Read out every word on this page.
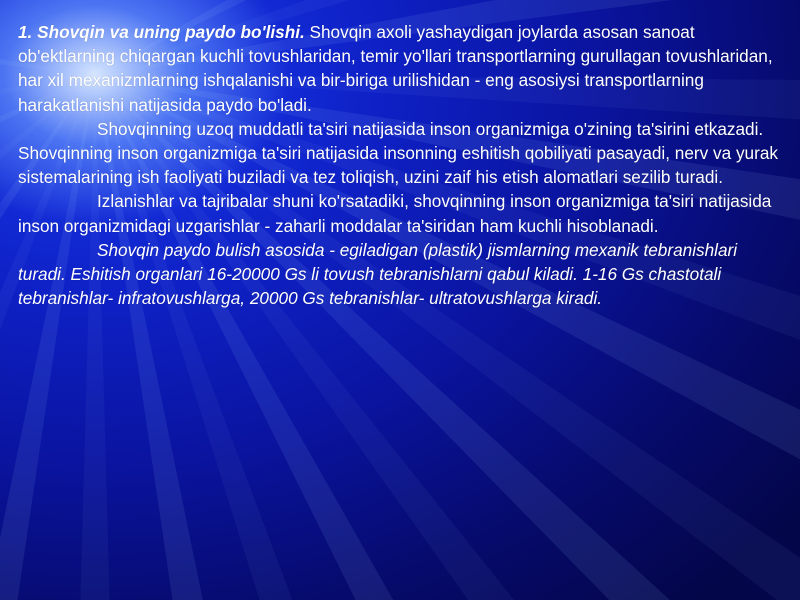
1. Shovqin va uning paydo bo'lishi. Shovqin axoli yashaydigan joylarda asosan sanoat ob'ektlarning chiqargan kuchli tovushlaridan, temir yo'llari transportlarning gurullagan tovushlaridan, har xil mexanizmlarning ishqalanishi va bir-biriga urilishidan - eng asosiysi transportlarning harakatlanishi natijasida paydo bo'ladi.

Shovqinning uzoq muddatli ta'siri natijasida inson organizmiga o'zining ta'sirini etkazadi. Shovqinning inson organizmiga ta'siri natijasida insonning eshitish qobiliyati pasayadi, nerv va yurak sistemalarining ish faoliyati buziladi va tez toliqish, uzini zaif his etish alomatlari sezilib turadi.

Izlanishlar va tajribalar shuni ko'rsatadiki, shovqinning inson organizmiga ta'siri natijasida inson organizmidagi uzgarishlar - zaharli moddalar ta'siridan ham kuchli hisoblanadi.

Shovqin paydo bulish asosida - egiladigan (plastik) jismlarning mexanik tebranishlari turadi. Eshitish organlari 16-20000 Gs li tovush tebranishlarni qabul kiladi. 1-16 Gs chastotali tebranishlar- infratovushlarga, 20000 Gs tebranishlar- ultratovushlarga kiradi.
